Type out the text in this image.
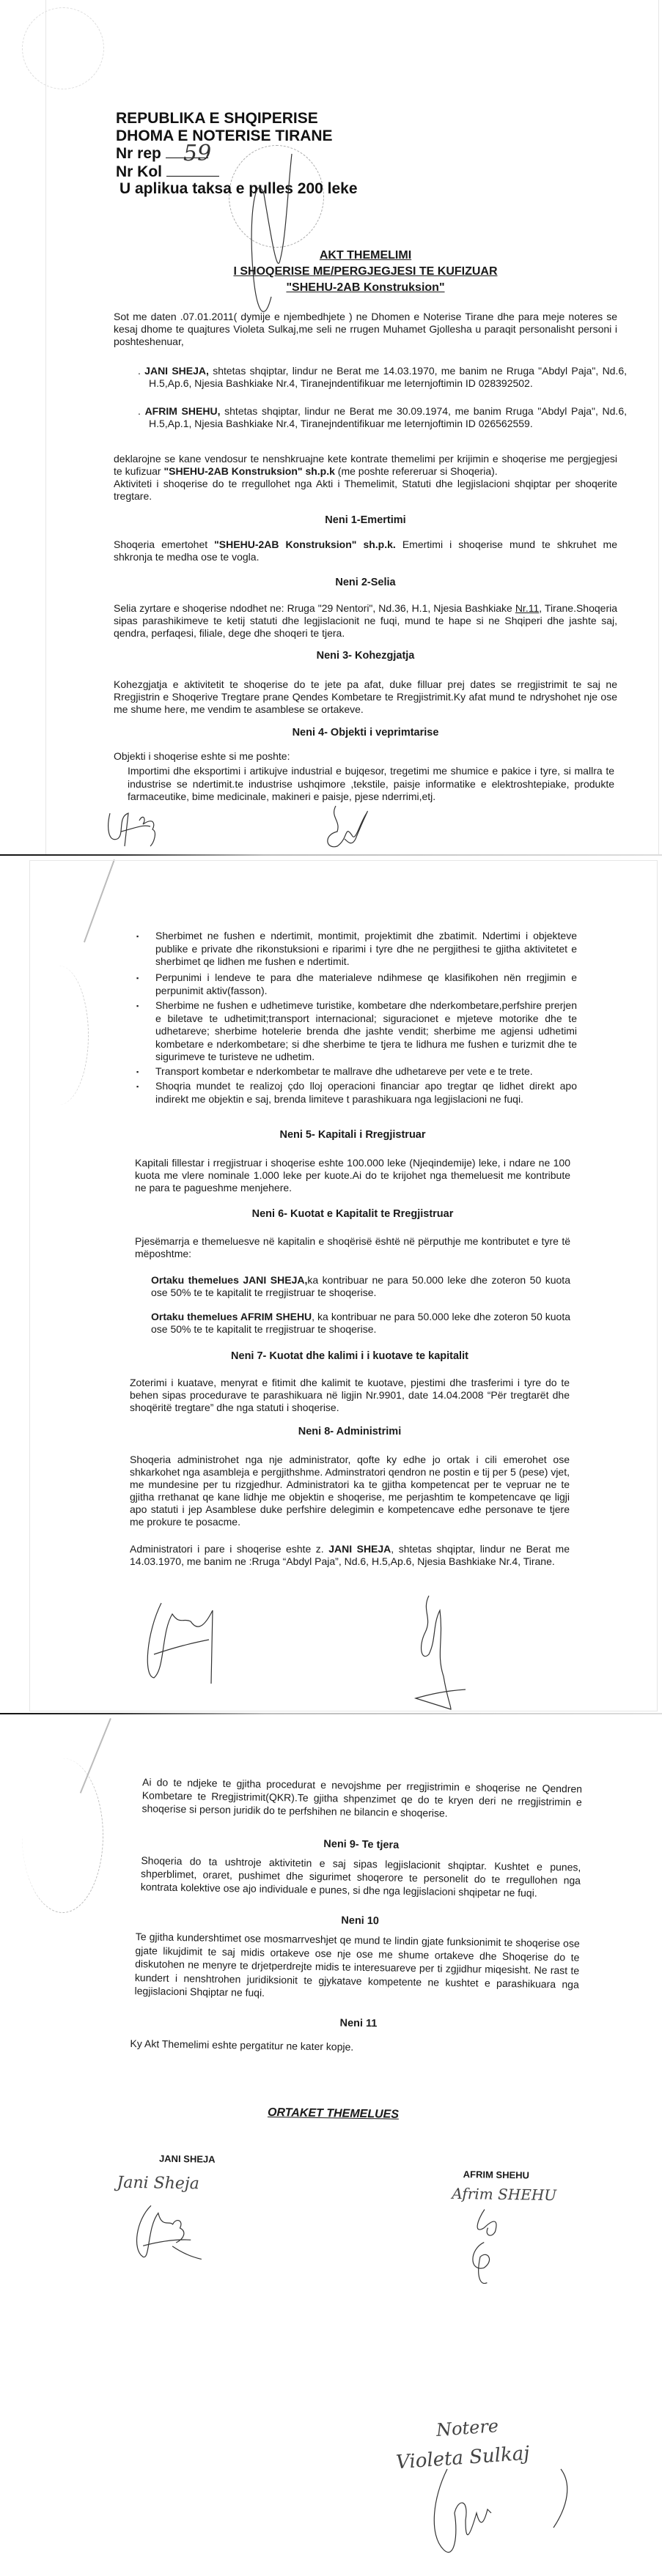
REPUBLIKA E SHQIPERISE
DHOMA E NOTERISE TIRANE
Nr rep
Nr Kol
U aplikua taksa e pulles 200 leke
59
AKT THEMELIMI
I SHOQERISE ME/PERGJEGJESI TE KUFIZUAR
"SHEHU-2AB Konstruksion"
Sot me daten .07.01.2011( dymije e njembedhjete ) ne Dhomen e Noterise Tirane dhe para meje noteres se kesaj dhome te quajtures Violeta Sulkaj,me seli ne rrugen Muhamet Gjollesha u paraqit personalisht personi i poshteshenuar,
. JANI SHEJA, shtetas shqiptar, lindur ne Berat me 14.03.1970, me banim ne Rruga "Abdyl Paja", Nd.6, H.5,Ap.6, Njesia Bashkiake Nr.4, Tiranejndentifikuar me leternjoftimin ID 028392502.
. AFRIM SHEHU, shtetas shqiptar, lindur ne Berat me 30.09.1974, me banim Rruga "Abdyl Paja", Nd.6, H.5,Ap.1, Njesia Bashkiake Nr.4, Tiranejndentifikuar me leternjoftimin ID 026562559.
deklarojne se kane vendosur te nenshkruajne kete kontrate themelimi per krijimin e shoqerise me pergjegjesi te kufizuar "SHEHU-2AB Konstruksion" sh.p.k (me poshte refereruar si Shoqeria).
Aktiviteti i shoqerise do te rregullohet nga Akti i Themelimit, Statuti dhe legjislacioni shqiptar per shoqerite tregtare.
Neni 1-Emertimi
Shoqeria emertohet "SHEHU-2AB Konstruksion" sh.p.k. Emertimi i shoqerise mund te shkruhet me shkronja te medha ose te vogla.
Neni 2-Selia
Selia zyrtare e shoqerise ndodhet ne: Rruga "29 Nentori", Nd.36, H.1, Njesia Bashkiake Nr.11, Tirane.Shoqeria sipas parashikimeve te ketij statuti dhe legjislacionit ne fuqi, mund te hape si ne Shqiperi dhe jashte saj, qendra, perfaqesi, filiale, dege dhe shoqeri te tjera.
Neni 3- Kohezgjatja
Kohezgjatja e aktivitetit te shoqerise do te jete pa afat, duke filluar prej dates se rregjistrimit te saj ne Rregjistrin e Shoqerive Tregtare prane Qendes Kombetare te Rregjistrimit.Ky afat mund te ndryshohet nje ose me shume here, me vendim te asamblese se ortakeve.
Neni 4- Objekti i veprimtarise
Objekti i shoqerise eshte si me poshte:
Importimi dhe eksportimi i artikujve industrial e bujqesor, tregetimi me shumice e pakice i tyre, si mallra te industrise se ndertimit.te industrise ushqimore ,tekstile, paisje informatike e elektroshtepiake, produkte farmaceutike, bime medicinale, makineri e paisje, pjese nderrimi,etj.
▪ Sherbimet ne fushen e ndertimit, montimit, projektimit dhe zbatimit. Ndertimi i objekteve publike e private dhe rikonstuksioni e riparimi i tyre dhe ne pergjithesi te gjitha aktivitetet e sherbimet qe lidhen me fushen e ndertimit.
▪ Perpunimi i lendeve te para dhe materialeve ndihmese qe klasifikohen nën rregjimin e perpunimit aktiv(fasson).
▪ Sherbime ne fushen e udhetimeve turistike, kombetare dhe nderkombetare,perfshire prerjen e biletave te udhetimit;transport internacional; siguracionet e mjeteve motorike dhe te udhetareve; sherbime hotelerie brenda dhe jashte vendit; sherbime me agjensi udhetimi kombetare e nderkombetare; si dhe sherbime te tjera te lidhura me fushen e turizmit dhe te sigurimeve te turisteve ne udhetim.
▪ Transport kombetar e nderkombetar te mallrave dhe udhetareve per vete e te trete.
▪ Shoqria mundet te realizoj çdo lloj operacioni financiar apo tregtar qe lidhet direkt apo indirekt me objektin e saj, brenda limiteve t parashikuara nga legjislacioni ne fuqi.
Neni 5- Kapitali i Rregjistruar
Kapitali fillestar i rregjistruar i shoqerise eshte 100.000 leke (Njeqindemije) leke, i ndare ne 100 kuota me vlere nominale 1.000 leke per kuote.Ai do te krijohet nga themeluesit me kontribute ne para te pagueshme menjehere.
Neni 6- Kuotat e Kapitalit te Rregjistruar
Pjesëmarrja e themeluesve në kapitalin e shoqërisë është në përputhje me kontributet e tyre të mëposhtme:
Ortaku themelues JANI SHEJA,ka kontribuar ne para 50.000 leke dhe zoteron 50 kuota ose 50% te te kapitalit te rregjistruar te shoqerise.
Ortaku themelues AFRIM SHEHU, ka kontribuar ne para 50.000 leke dhe zoteron 50 kuota ose 50% te te kapitalit te rregjistruar te shoqerise.
Neni 7- Kuotat dhe kalimi i i kuotave te kapitalit
Zoterimi i kuatave, menyrat e fitimit dhe kalimit te kuotave, pjestimi dhe trasferimi i tyre do te behen sipas procedurave te parashikuara në ligjin Nr.9901, date 14.04.2008 “Për tregtarët dhe shoqëritë tregtare” dhe nga statuti i shoqerise.
Neni 8- Administrimi
Shoqeria administrohet nga nje administrator, qofte ky edhe jo ortak i cili emerohet ose shkarkohet nga asambleja e pergjithshme. Adminstratori qendron ne postin e tij per 5 (pese) vjet, me mundesine per tu rizgjedhur. Administratori ka te gjitha kompetencat per te vepruar ne te gjitha rrethanat qe kane lidhje me objektin e shoqerise, me perjashtim te kompetencave qe ligji apo statuti i jep Asamblese duke perfshire delegimin e kompetencave edhe personave te tjere me prokure te posacme.
Administratori i pare i shoqerise eshte z. JANI SHEJA, shtetas shqiptar, lindur ne Berat me 14.03.1970, me banim ne :Rruga “Abdyl Paja”, Nd.6, H.5,Ap.6, Njesia Bashkiake Nr.4, Tirane.
Ai do te ndjeke te gjitha procedurat e nevojshme per rregjistrimin e shoqerise ne Qendren Kombetare te Rregjistrimit(QKR).Te gjitha shpenzimet qe do te kryen deri ne rregjistrimin e shoqerise si person juridik do te perfshihen ne bilancin e shoqerise.
Neni 9- Te tjera
Shoqeria do ta ushtroje aktivitetin e saj sipas legjislacionit shqiptar. Kushtet e punes, shperblimet, oraret, pushimet dhe sigurimet shoqerore te personelit do te rregullohen nga kontrata kolektive ose ajo individuale e punes, si dhe nga legjislacioni shqipetar ne fuqi.
Neni 10
Te gjitha kundershtimet ose mosmarrveshjet qe mund te lindin gjate funksionimit te shoqerise ose gjate likujdimit te saj midis ortakeve ose nje ose me shume ortakeve dhe Shoqerise do te diskutohen ne menyre te drjetperdrejte midis te interesuareve per ti zgjidhur miqesisht. Ne rast te kundert i nenshtrohen juridiksionit te gjykatave kompetente ne kushtet e parashikuara nga legjislacioni Shqiptar ne fuqi.
Neni 11
Ky Akt Themelimi eshte pergatitur ne kater kopje.
ORTAKET THEMELUES
JANI SHEJA
Jani Sheja	AFRIM SHEHU
Afrim SHEHU
Notere
Violeta Sulkaj
